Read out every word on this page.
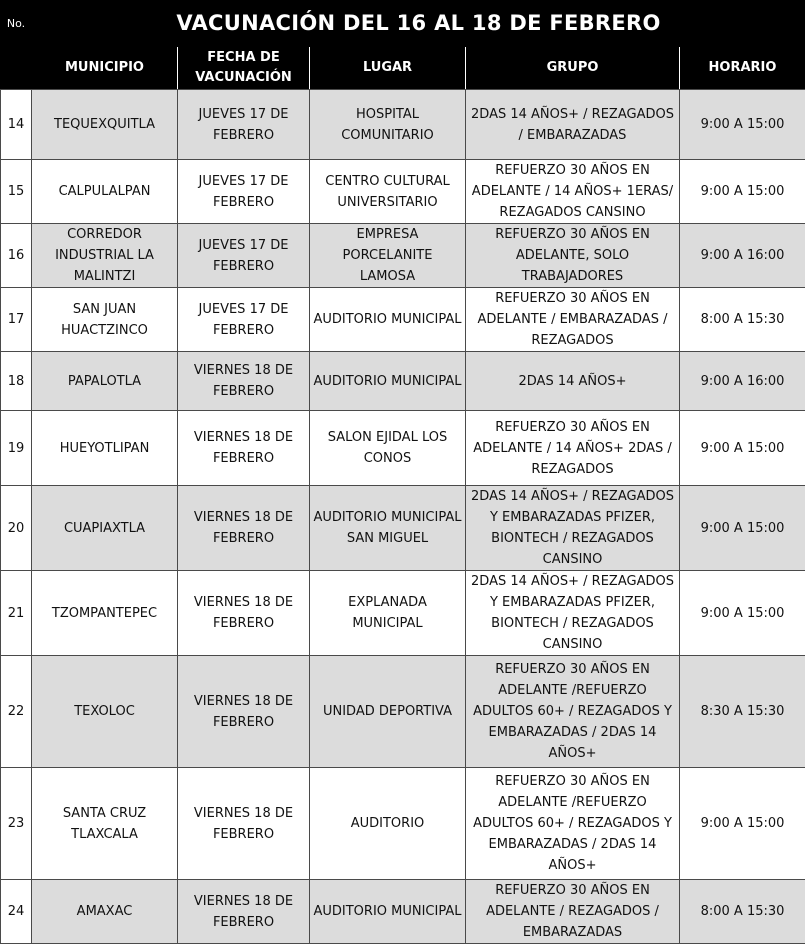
No.	VACUNACIÓN DEL 16 AL 18 DE FEBRERO				
	MUNICIPIO	FECHA DE VACUNACIÓN	LUGAR	GRUPO	HORARIO
14	TEQUEXQUITLA	JUEVES 17 DE FEBRERO	HOSPITAL COMUNITARIO	2DAS 14 AÑOS+ / REZAGADOS / EMBARAZADAS	9:00 A 15:00
15	CALPULALPAN	JUEVES 17 DE FEBRERO	CENTRO CULTURAL UNIVERSITARIO	REFUERZO 30 AÑOS EN ADELANTE / 14 AÑOS+ 1ERAS/ REZAGADOS CANSINO	9:00 A 15:00
16	CORREDOR INDUSTRIAL LA MALINTZI	JUEVES 17 DE FEBRERO	EMPRESA PORCELANITE LAMOSA	REFUERZO 30 AÑOS EN ADELANTE, SOLO TRABAJADORES	9:00 A 16:00
17	SAN JUAN HUACTZINCO	JUEVES 17 DE FEBRERO	AUDITORIO MUNICIPAL	REFUERZO 30 AÑOS EN ADELANTE / EMBARAZADAS / REZAGADOS	8:00 A 15:30
18	PAPALOTLA	VIERNES 18 DE FEBRERO	AUDITORIO MUNICIPAL	2DAS 14 AÑOS+	9:00 A 16:00
19	HUEYOTLIPAN	VIERNES 18 DE FEBRERO	SALON EJIDAL LOS CONOS	REFUERZO 30 AÑOS EN ADELANTE / 14 AÑOS+ 2DAS / REZAGADOS	9:00 A 15:00
20	CUAPIAXTLA	VIERNES 18 DE FEBRERO	AUDITORIO MUNICIPAL SAN MIGUEL	2DAS 14 AÑOS+ / REZAGADOS Y EMBARAZADAS PFIZER, BIONTECH / REZAGADOS CANSINO	9:00 A 15:00
21	TZOMPANTEPEC	VIERNES 18 DE FEBRERO	EXPLANADA MUNICIPAL	2DAS 14 AÑOS+ / REZAGADOS Y EMBARAZADAS PFIZER, BIONTECH / REZAGADOS CANSINO	9:00 A 15:00
22	TEXOLOC	VIERNES 18 DE FEBRERO	UNIDAD DEPORTIVA	REFUERZO 30 AÑOS EN ADELANTE /REFUERZO ADULTOS 60+ / REZAGADOS Y EMBARAZADAS / 2DAS 14 AÑOS+	8:30 A 15:30
23	SANTA CRUZ TLAXCALA	VIERNES 18 DE FEBRERO	AUDITORIO	REFUERZO 30 AÑOS EN ADELANTE /REFUERZO ADULTOS 60+ / REZAGADOS Y EMBARAZADAS / 2DAS 14 AÑOS+	9:00 A 15:00
24	AMAXAC	VIERNES 18 DE FEBRERO	AUDITORIO MUNICIPAL	REFUERZO 30 AÑOS EN ADELANTE / REZAGADOS / EMBARAZADAS	8:00 A 15:30
